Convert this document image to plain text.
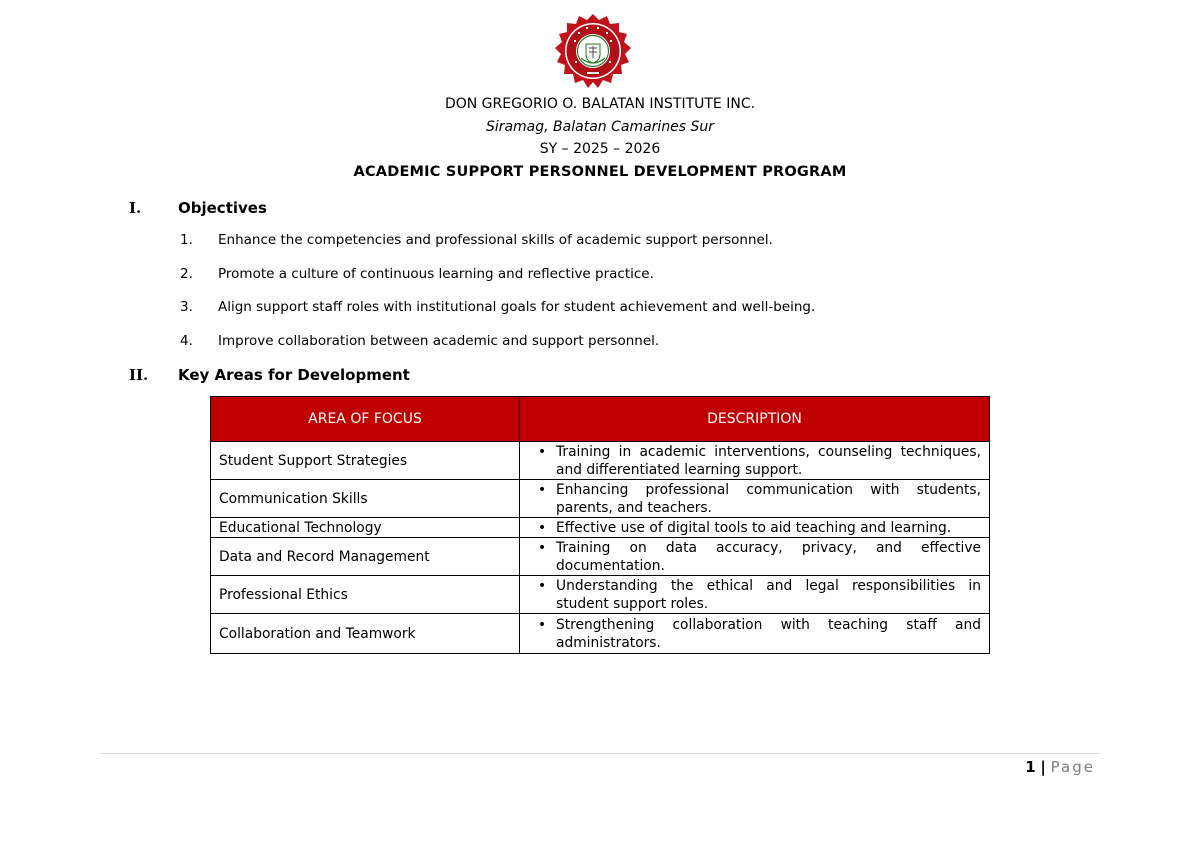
DON GREGORIO O. BALATAN INSTITUTE INC.
Siramag, Balatan Camarines Sur
SY – 2025 – 2026
ACADEMIC SUPPORT PERSONNEL DEVELOPMENT PROGRAM
I. Objectives
1. Enhance the competencies and professional skills of academic support personnel.
2. Promote a culture of continuous learning and reflective practice.
3. Align support staff roles with institutional goals for student achievement and well-being.
4. Improve collaboration between academic and support personnel.
II. Key Areas for Development
AREA OF FOCUS	DESCRIPTION
Student Support Strategies	• Training in academic interventions, counseling techniques, and differentiated learning support.

Communication Skills	• Enhancing professional communication with students, parents, and teachers.

Educational Technology	• Effective use of digital tools to aid teaching and learning.

Data and Record Management	• Training on data accuracy, privacy, and effective documentation.

Professional Ethics	• Understanding the ethical and legal responsibilities in student support roles.

Collaboration and Teamwork	• Strengthening collaboration with teaching staff and administrators.
1 | Page
